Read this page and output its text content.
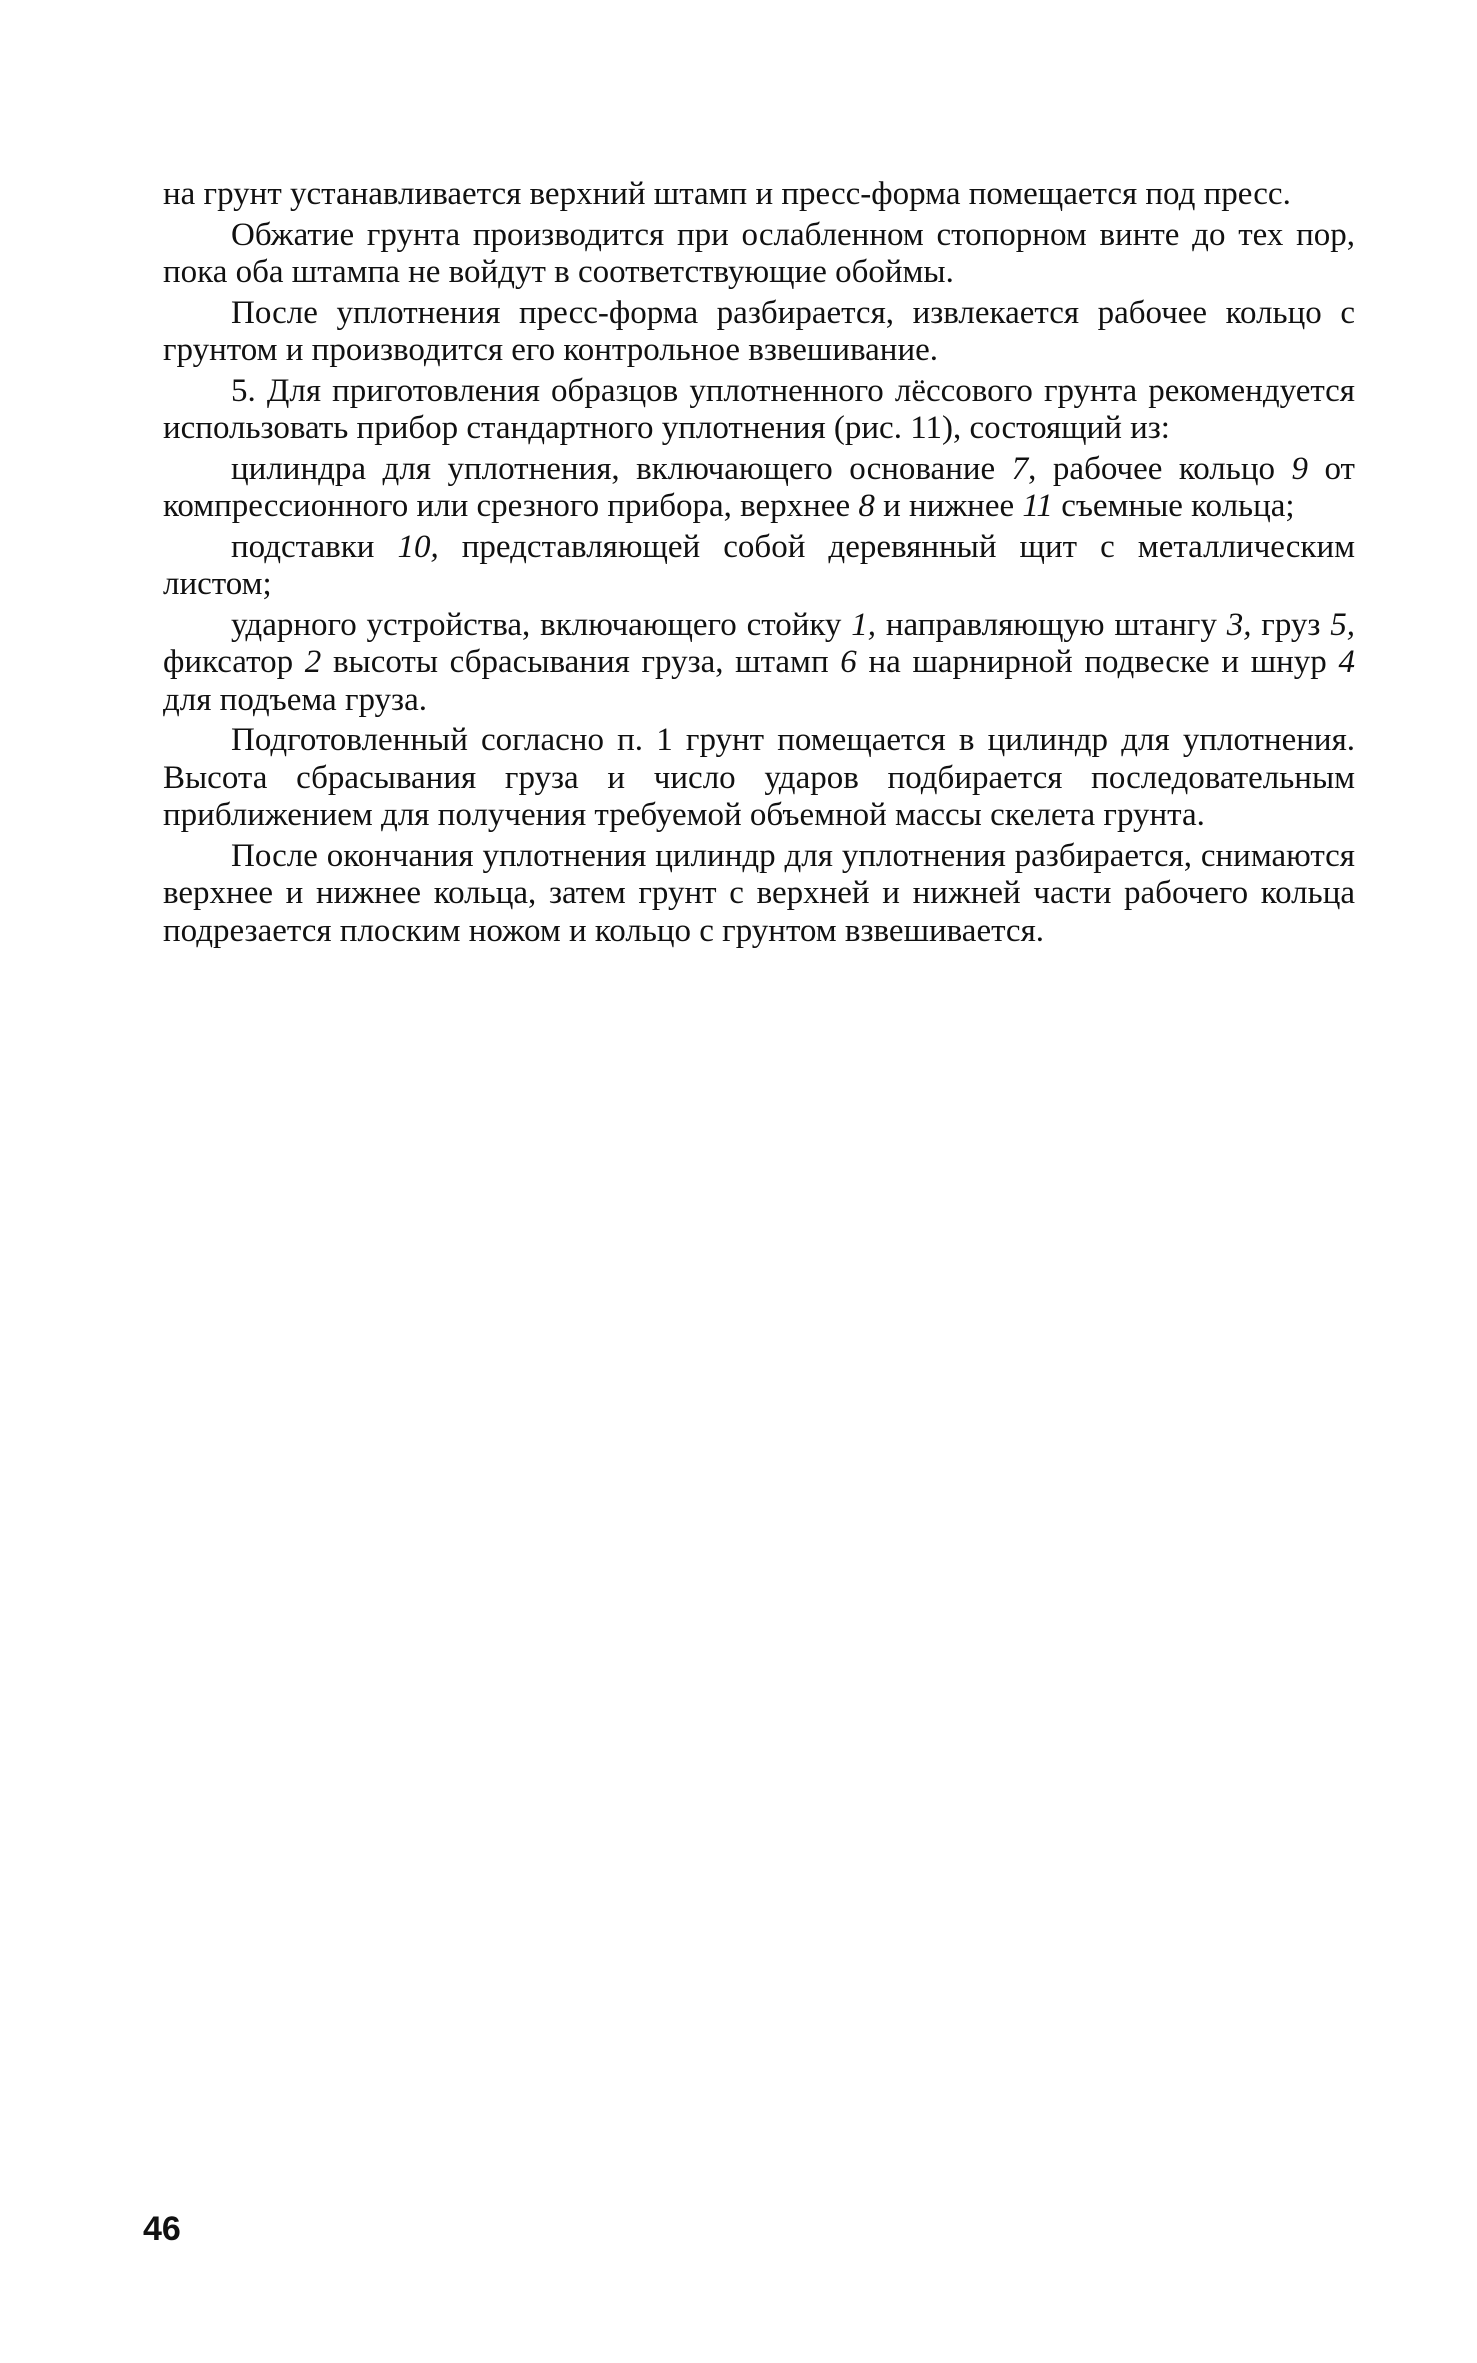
на грунт устанавливается верхний штамп и пресс-форма помещается под пресс.

Обжатие грунта производится при ослабленном стопорном винте до тех пор, пока оба штампа не войдут в соответствующие обоймы.

После уплотнения пресс-форма разбирается, извлекается рабочее кольцо с грунтом и производится его контрольное взвешивание.

5. Для приготовления образцов уплотненного лёссового грунта рекомендуется использовать прибор стандартного уплотнения (рис. 11), состоящий из:

цилиндра для уплотнения, включающего основание 7, рабочее кольцо 9 от компрессионного или срезного прибора, верхнее 8 и нижнее 11 съемные кольца;

подставки 10, представляющей собой деревянный щит с металлическим листом;

ударного устройства, включающего стойку 1, направляющую штангу 3, груз 5, фиксатор 2 высоты сбрасывания груза, штамп 6 на шарнирной подвеске и шнур 4 для подъема груза.

Подготовленный согласно п. 1 грунт помещается в цилиндр для уплотнения. Высота сбрасывания груза и число ударов подбирается последовательным приближением для получения требуемой объемной массы скелета грунта.

После окончания уплотнения цилиндр для уплотнения разбирается, снимаются верхнее и нижнее кольца, затем грунт с верхней и нижней части рабочего кольца подрезается плоским ножом и кольцо с грунтом взвешивается.

46
